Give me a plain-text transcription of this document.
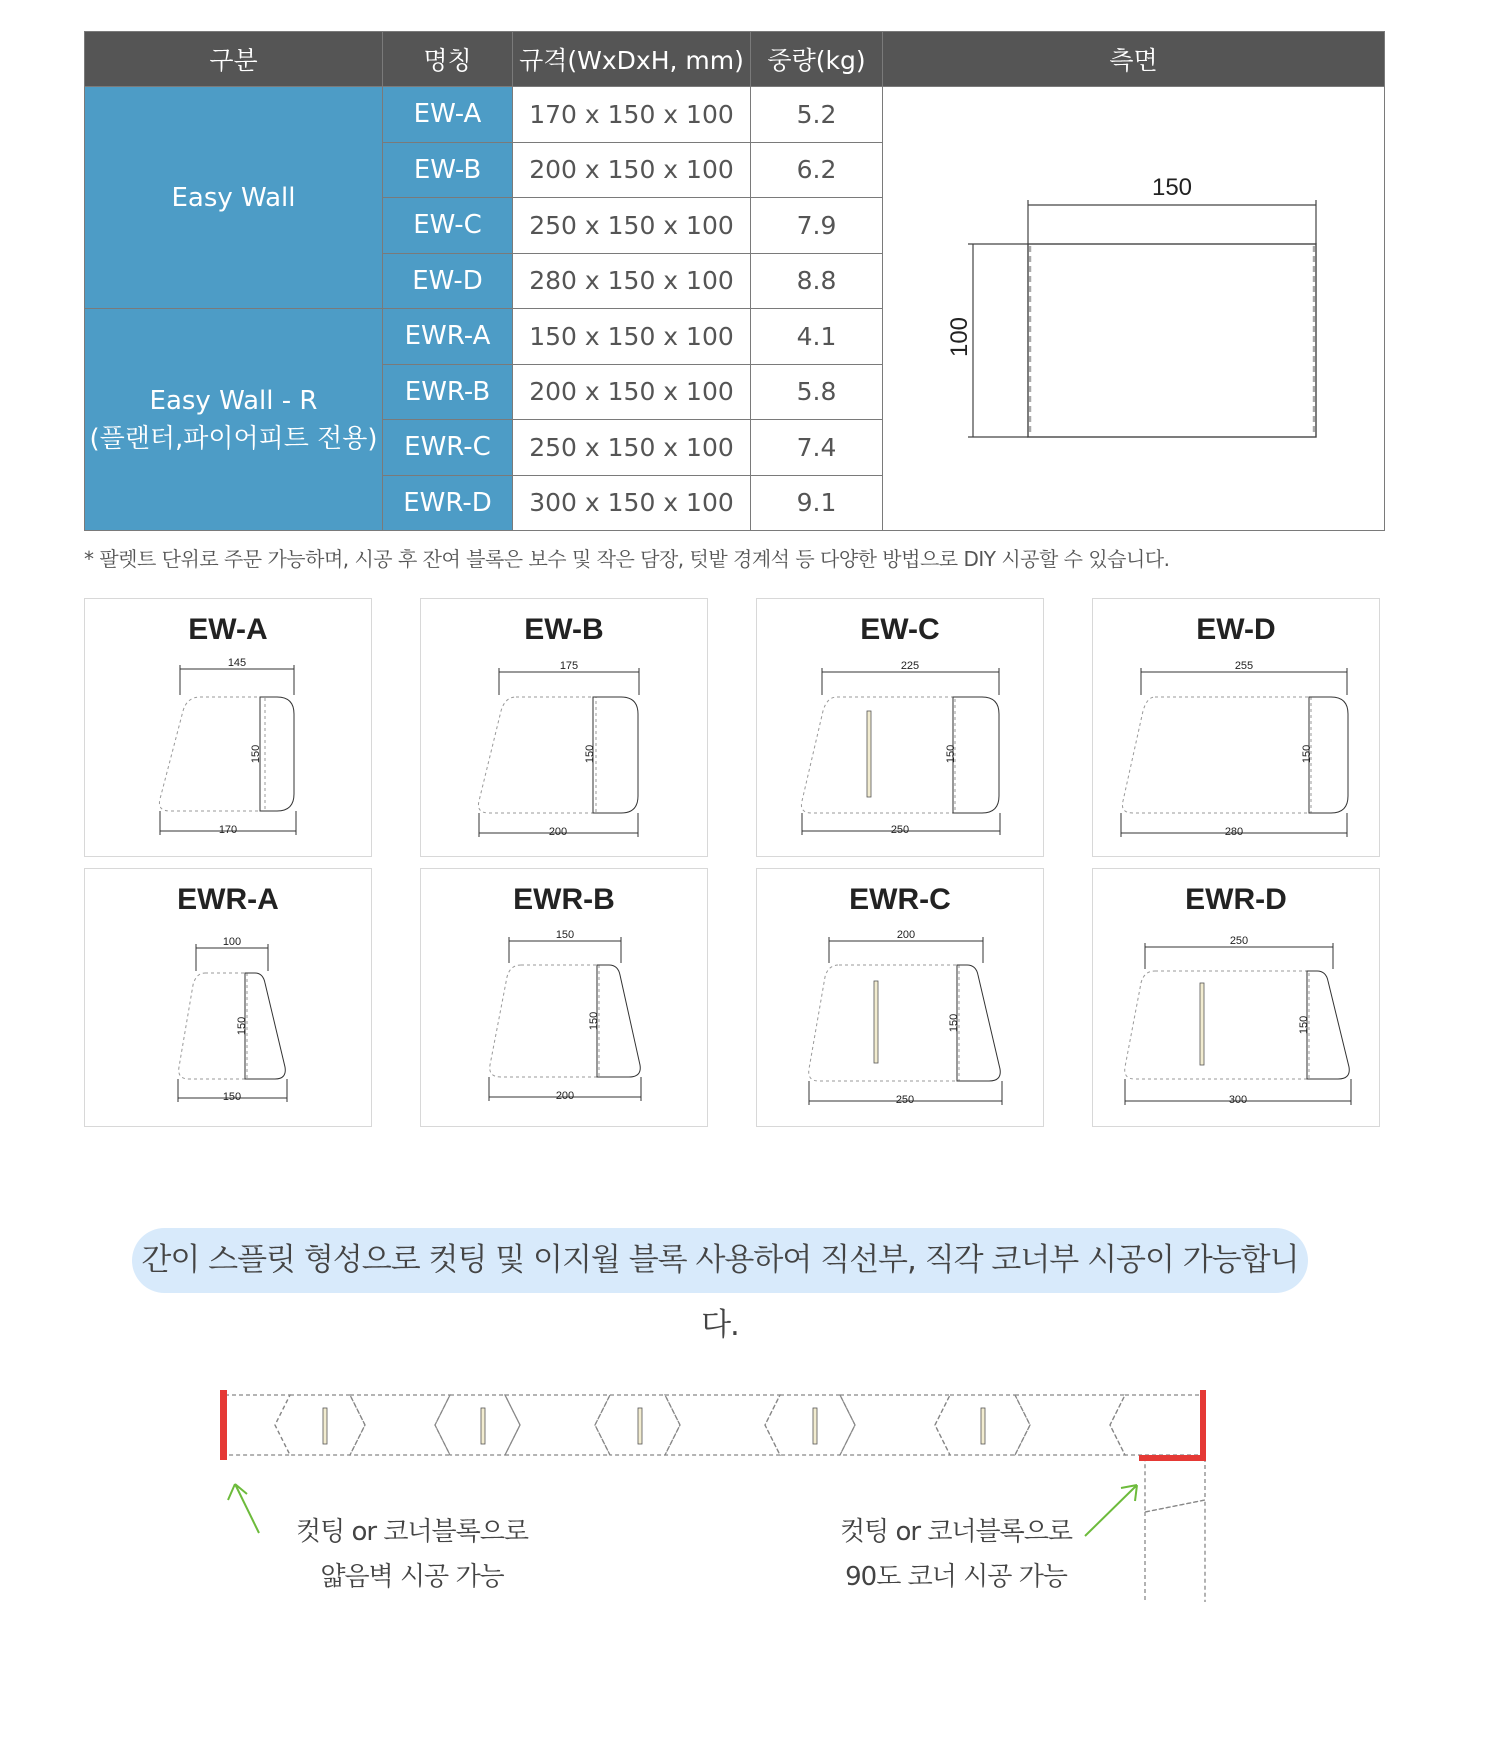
구분	명칭	규격(WxDxH, mm)	중량(kg)	측면

Easy Wall	EW-A	170 x 150 x 100	5.2	150
100

	EW-B	200 x 150 x 100	6.2	
	EW-C	250 x 150 x 100	7.9	
	EW-D	280 x 150 x 100	8.8	

Easy Wall - R
(플랜터,파이어피트 전용)	EWR-A	150 x 150 x 100	4.1	
	EWR-B	200 x 150 x 100	5.8	
	EWR-C	250 x 150 x 100	7.4	
	EWR-D	300 x 150 x 100	9.1	
* 팔렛트 단위로 주문 가능하며, 시공 후 잔여 블록은 보수 및 작은 담장, 텃밭 경계석 등 다양한 방법으로 DIY 시공할 수 있습니다.
EW-A
145
150
170
EW-B
175
150
200
EW-C
225
150
250
EW-D
255
150
280
EWR-A
100
150
150
EWR-B
150
150
200
EWR-C
200
150
250
EWR-D
250
150
300
간이 스플릿 형성으로 컷팅 및 이지월 블록 사용하여 직선부, 직각 코너부 시공이 가능합니다.
컷팅 or 코너블록으로
얇음벽 시공 가능
컷팅 or 코너블록으로
90도 코너 시공 가능
